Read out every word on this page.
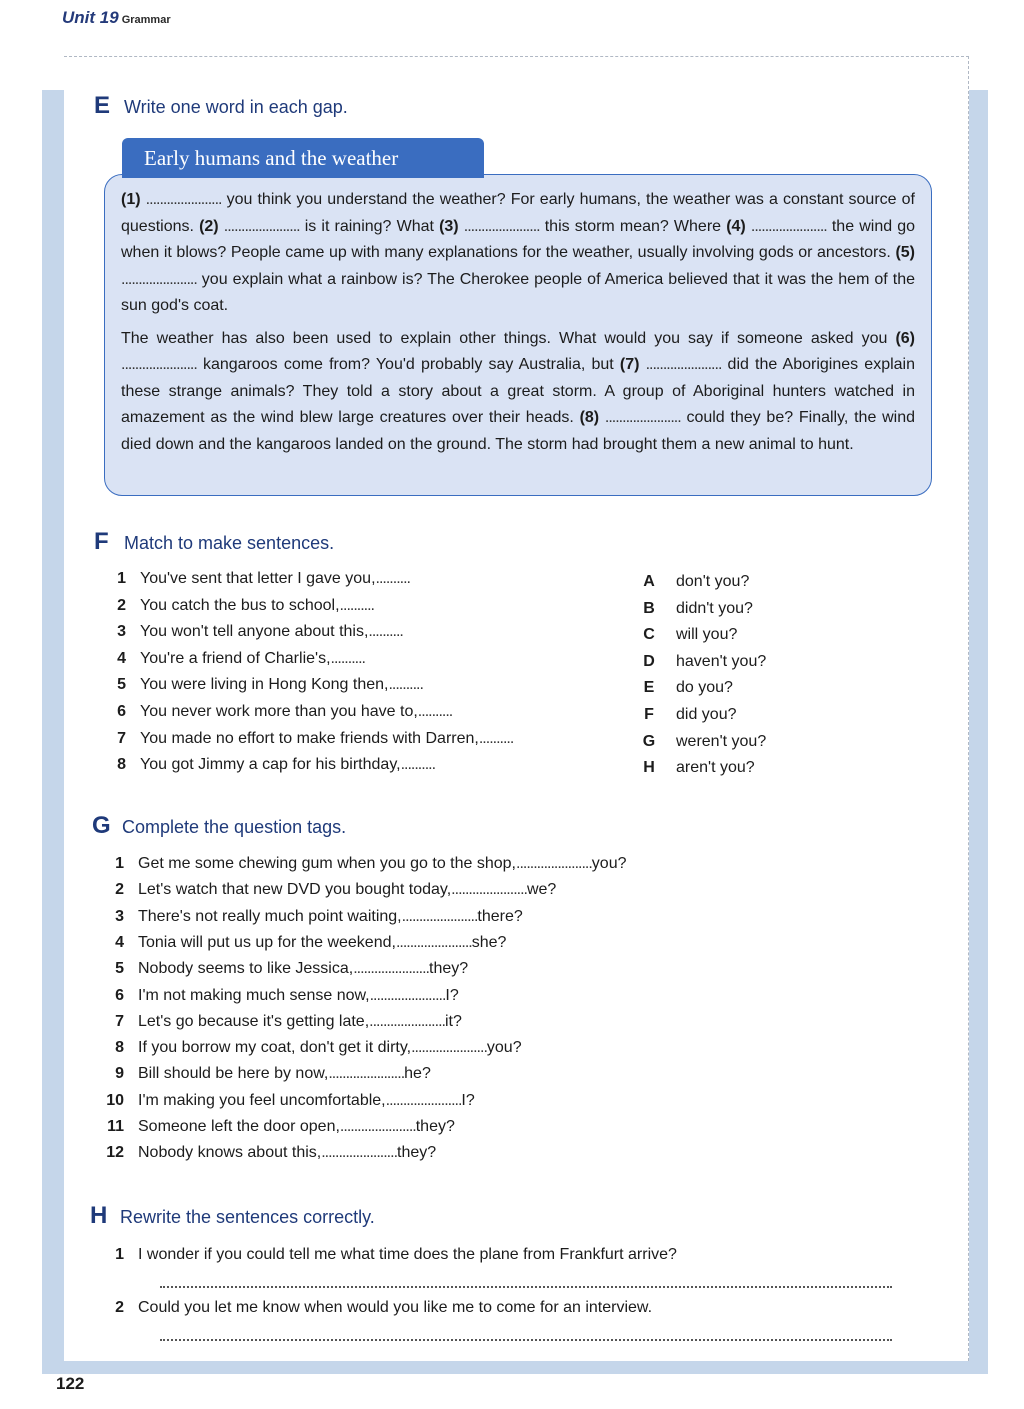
Unit 19 Grammar
E Write one word in each gap.
(1) ...................... you think you understand the weather? For early humans, the weather was a constant source of questions. (2) ...................... is it raining? What (3) ...................... this storm mean? Where (4) ...................... the wind go when it blows? People came up with many explanations for the weather, usually involving gods or ancestors. (5) ...................... you explain what a rainbow is? The Cherokee people of America believed that it was the hem of the sun god's coat.
The weather has also been used to explain other things. What would you say if someone asked you (6) ...................... kangaroos come from? You'd probably say Australia, but (7) ...................... did the Aborigines explain these strange animals? They told a story about a great storm. A group of Aboriginal hunters watched in amazement as the wind blew large creatures over their heads. (8) ...................... could they be? Finally, the wind died down and the kangaroos landed on the ground. The storm had brought them a new animal to hunt.
Early humans and the weather
F Match to make sentences.
1 You've sent that letter I gave you, ..........
2 You catch the bus to school, ..........
3 You won't tell anyone about this, ..........
4 You're a friend of Charlie's, ..........
5 You were living in Hong Kong then, ..........
6 You never work more than you have to, ..........
7 You made no effort to make friends with Darren, ..........
8 You got Jimmy a cap for his birthday, ..........
A	don't you?
B	didn't you?
C	will you?
D	haven't you?
E	do you?
F	did you?
G weren't you?
H	aren't you?
G Complete the question tags.
1 Get me some chewing gum when you go to the shop, ...................... you?
2 Let's watch that new DVD you bought today, ...................... we?
3 There's not really much point waiting, ...................... there?
4 Tonia will put us up for the weekend, ...................... she?
5 Nobody seems to like Jessica, ...................... they?
6 I'm not making much sense now, ...................... I?
7 Let's go because it's getting late, ...................... it?
8 If you borrow my coat, don't get it dirty, ...................... you?
9 Bill should be here by now, ...................... he?
10 I'm making you feel uncomfortable, ...................... I?
11 Someone left the door open, ...................... they?
12 Nobody knows about this, ...................... they?
H Rewrite the sentences correctly.
1 I wonder if you could tell me what time does the plane from Frankfurt arrive?
2 Could you let me know when would you like me to come for an interview.
122
